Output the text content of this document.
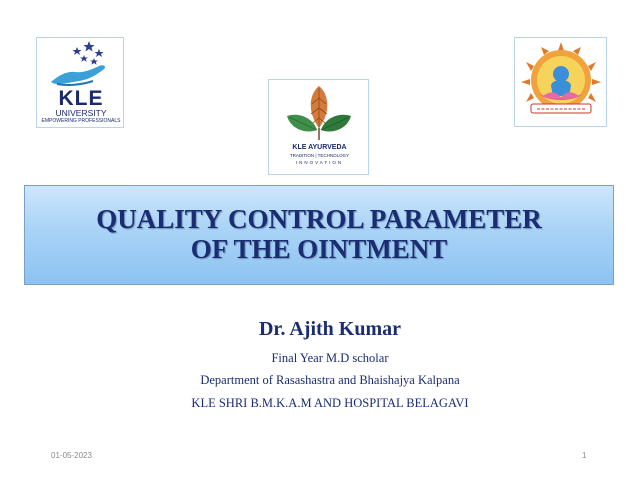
KLE
UNIVERSITY
EMPOWERING PROFESSIONALS
KLE AYURVEDA
TRADITION | TECHNOLOGY
INNOVATION
QUALITY CONTROL PARAMETER
OF THE OINTMENT
Dr. Ajith Kumar
Final Year M.D scholar
Department of Rasashastra and Bhaishajya Kalpana
KLE SHRI B.M.K.A.M AND HOSPITAL BELAGAVI
01-05-2023	1
